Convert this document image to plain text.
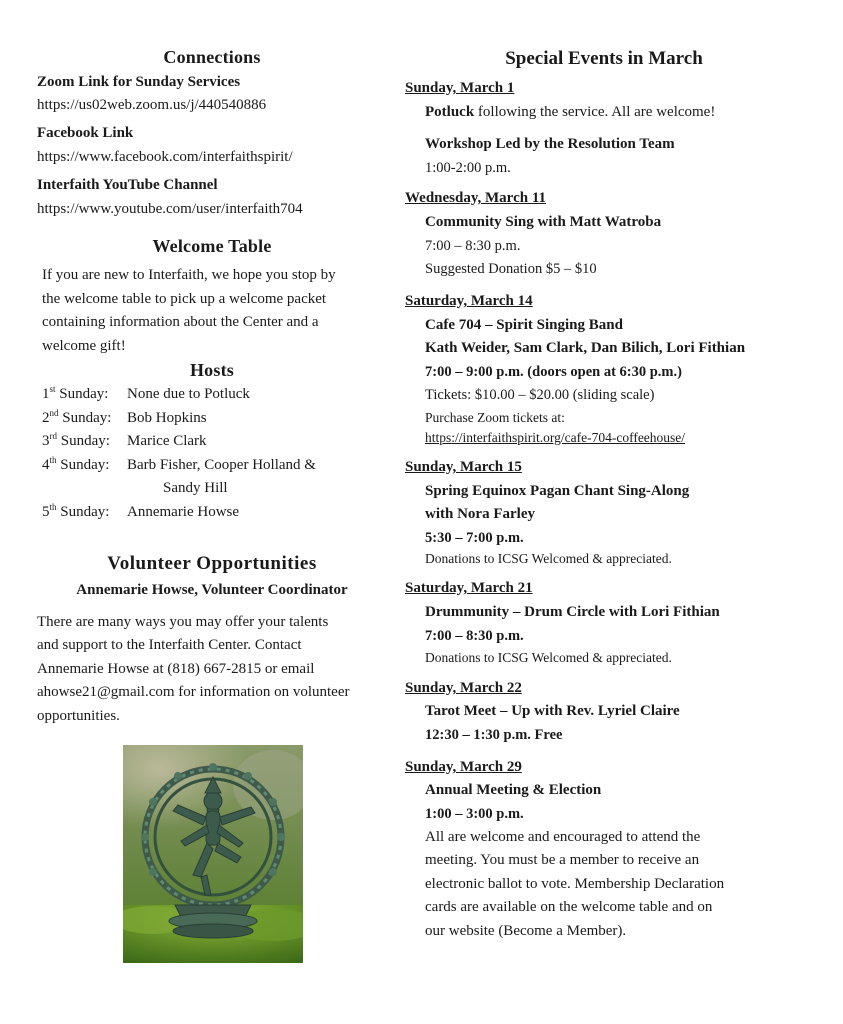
Connections
Zoom Link for Sunday Services
https://us02web.zoom.us/j/440540886
Facebook Link
https://www.facebook.com/interfaithspirit/
Interfaith YouTube Channel
https://www.youtube.com/user/interfaith704
Welcome Table
If you are new to Interfaith, we hope you stop by
the welcome table to pick up a welcome packet
containing information about the Center and a
welcome gift!
Hosts
1st Sunday: None due to Potluck
2nd Sunday: Bob Hopkins
3rd Sunday: Marice Clark
4th Sunday: Barb Fisher, Cooper Holland &
Sandy Hill
5th Sunday: Annemarie Howse
Volunteer Opportunities
Annemarie Howse, Volunteer Coordinator
There are many ways you may offer your talents
and support to the Interfaith Center. Contact
Annemarie Howse at (818) 667-2815 or email
ahowse21@gmail.com for information on volunteer
opportunities.
Special Events in March
Sunday, March 1
Potluck following the service. All are welcome!
Workshop Led by the Resolution Team
1:00-2:00 p.m.
Wednesday, March 11
Community Sing with Matt Watroba
7:00 – 8:30 p.m.
Suggested Donation $5 – $10
Saturday, March 14
Cafe 704 – Spirit Singing Band
Kath Weider, Sam Clark, Dan Bilich, Lori Fithian
7:00 – 9:00 p.m. (doors open at 6:30 p.m.)
Tickets: $10.00 – $20.00 (sliding scale)
Purchase Zoom tickets at:
https://interfaithspirit.org/cafe-704-coffeehouse/
Sunday, March 15
Spring Equinox Pagan Chant Sing-Along
with Nora Farley
5:30 – 7:00 p.m.
Donations to ICSG Welcomed & appreciated.
Saturday, March 21
Drummunity – Drum Circle with Lori Fithian
7:00 – 8:30 p.m.
Donations to ICSG Welcomed & appreciated.
Sunday, March 22
Tarot Meet – Up with Rev. Lyriel Claire
12:30 – 1:30 p.m. Free
Sunday, March 29
Annual Meeting & Election
1:00 – 3:00 p.m.
All are welcome and encouraged to attend the
meeting. You must be a member to receive an
electronic ballot to vote. Membership Declaration
cards are available on the welcome table and on
our website (Become a Member).
